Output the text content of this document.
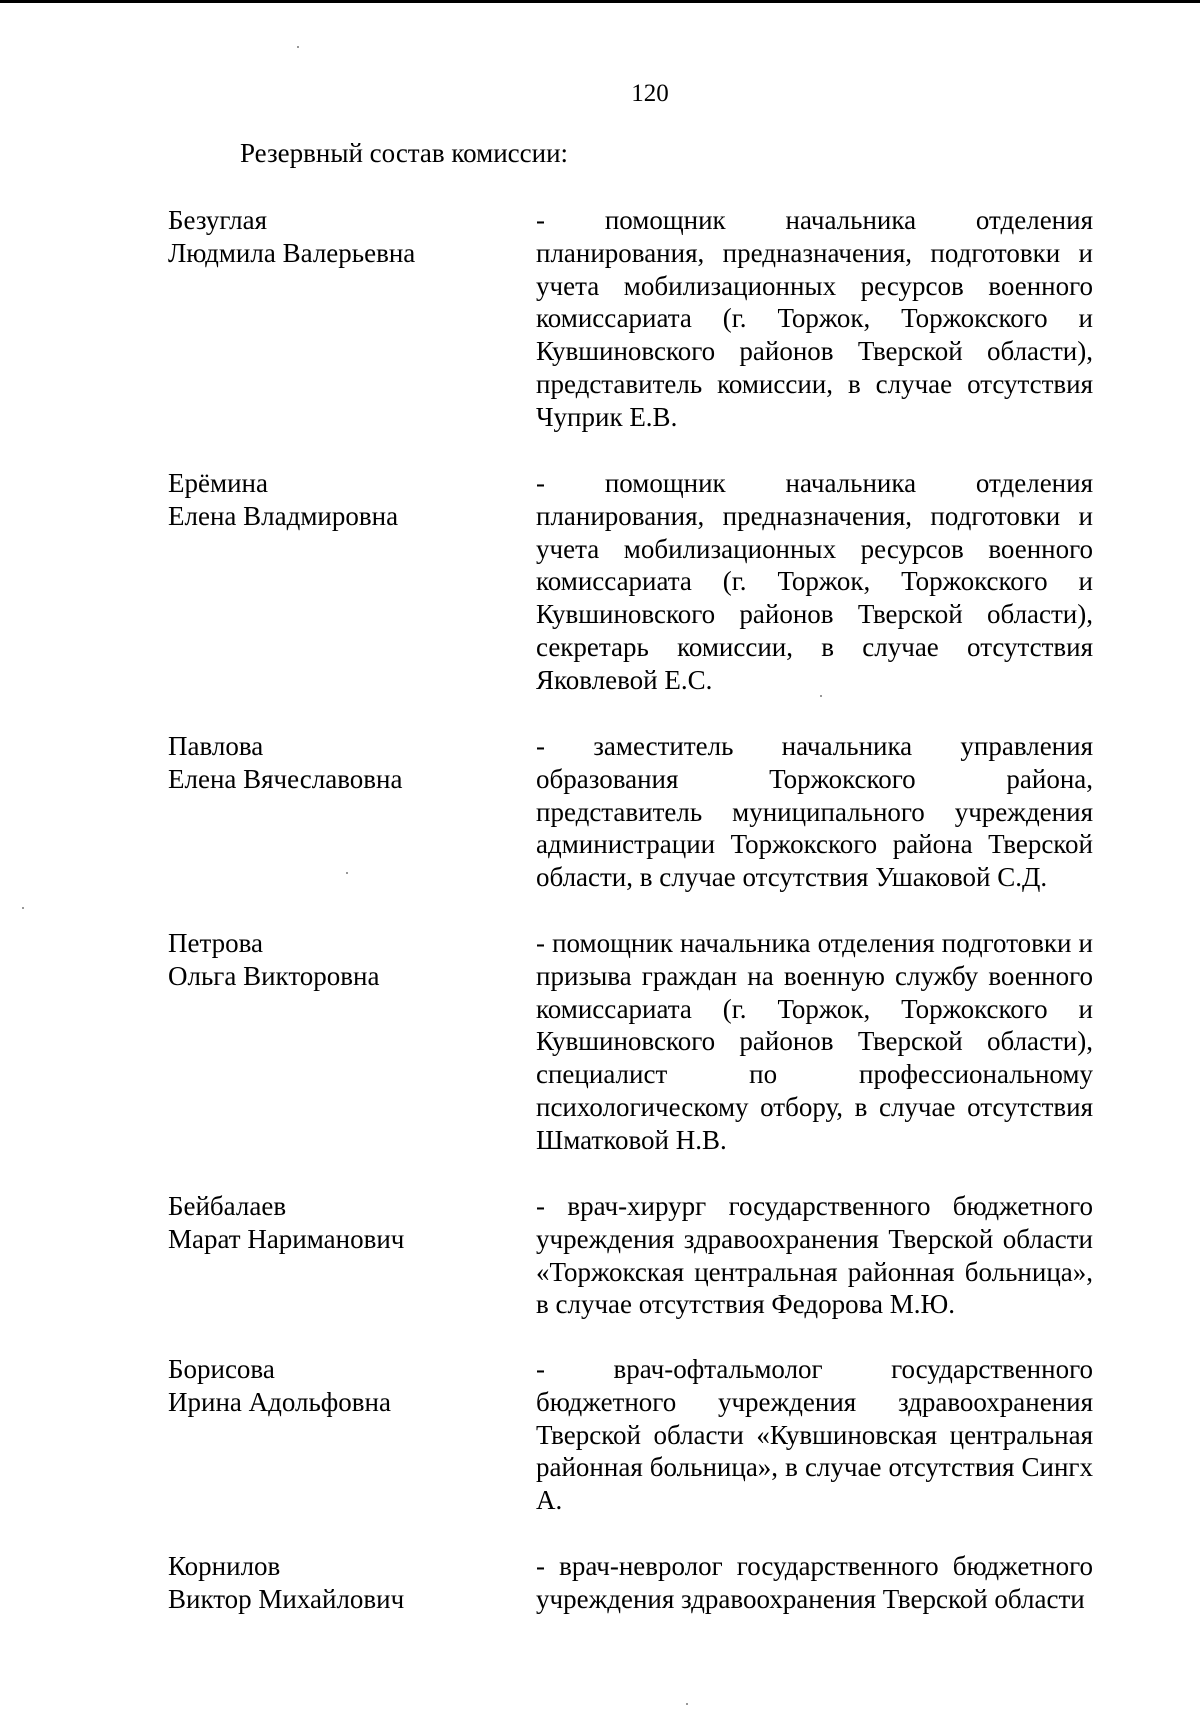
120
Резервный состав комиссии:
Безуглая
Людмила Валерьевна
- помощник начальника отделения планирования, предназначения, подготовки и учета мобилизационных ресурсов военного комиссариата (г. Торжок, Торжокского и Кувшиновского районов Тверской области), представитель комиссии, в случае отсутствия Чуприк Е.В.
Ерёмина
Елена Владмировна
- помощник начальника отделения планирования, предназначения, подготовки и учета мобилизационных ресурсов военного комиссариата (г. Торжок, Торжокского и Кувшиновского районов Тверской области), секретарь комиссии, в случае отсутствия Яковлевой Е.С.
Павлова
Елена Вячеславовна
- заместитель начальника управления образования Торжокского района, представитель муниципального учреждения администрации Торжокского района Тверской области, в случае отсутствия Ушаковой С.Д.
Петрова
Ольга Викторовна
- помощник начальника отделения подготовки и призыва граждан на военную службу военного комиссариата (г. Торжок, Торжокского и Кувшиновского районов Тверской области), специалист по профессиональному психологическому отбору, в случае отсутствия Шматковой Н.В.
Бейбалаев
Марат Нариманович
- врач-хирург государственного бюджетного учреждения здравоохранения Тверской области «Торжокская центральная районная больница», в случае отсутствия Федорова М.Ю.
Борисова
Ирина Адольфовна
- врач-офтальмолог государственного бюджетного учреждения здравоохранения Тверской области «Кувшиновская центральная районная больница», в случае отсутствия Сингх А.
Корнилов
Виктор Михайлович
- врач-невролог государственного бюджетного учреждения здравоохранения Тверской области
